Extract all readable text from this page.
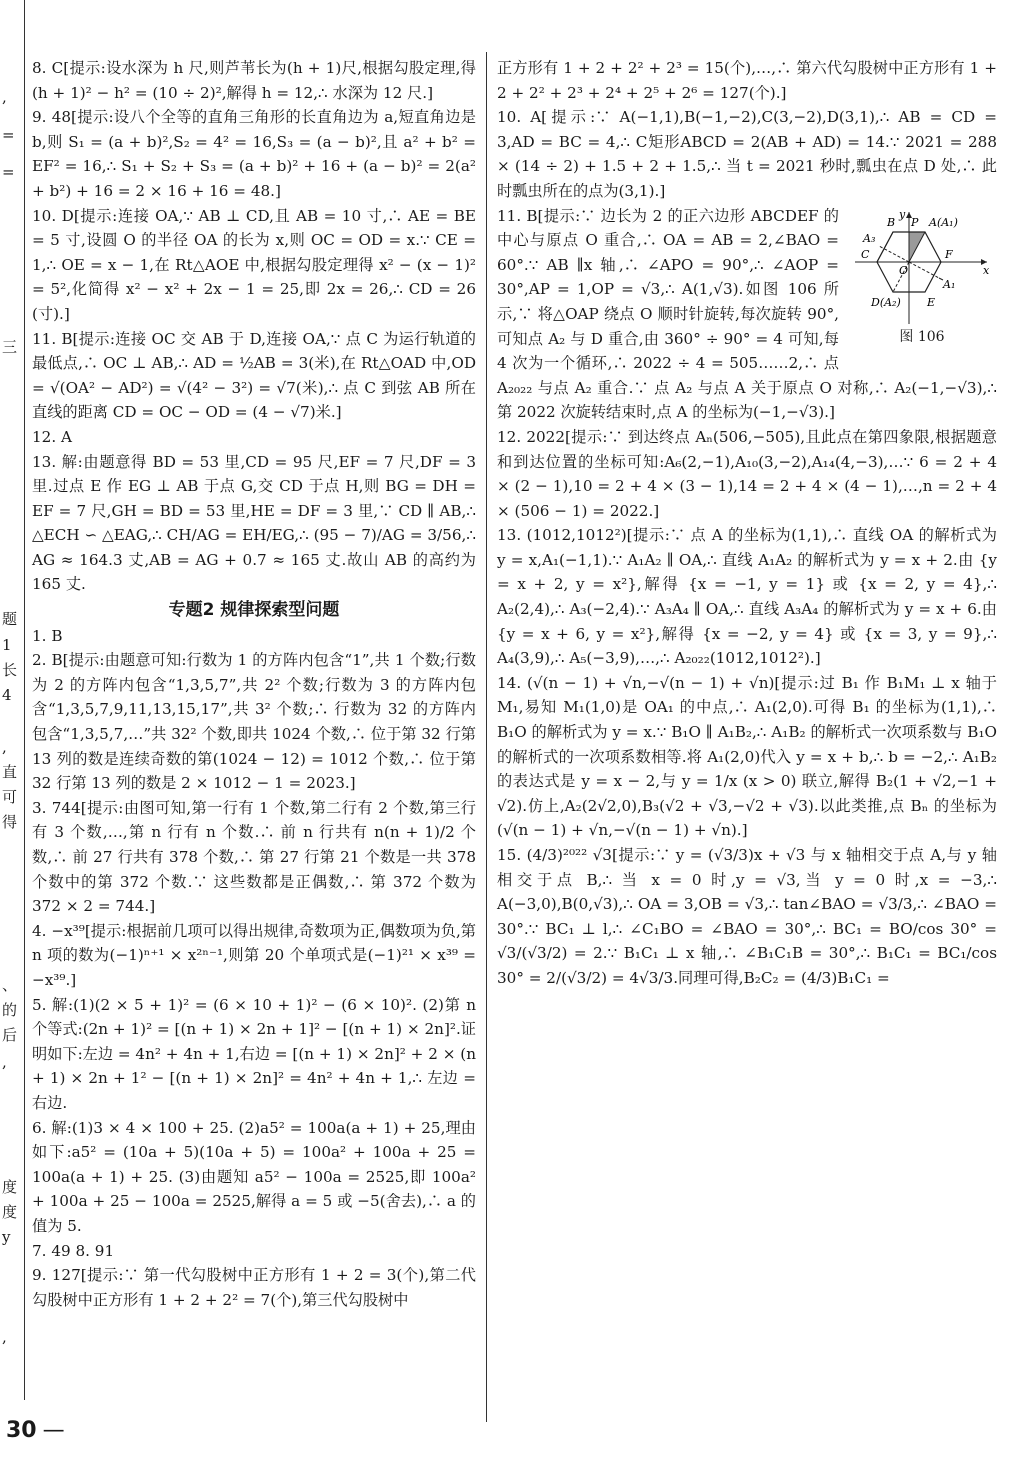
,
=
=
三
题
1
长
4
,
直
可
得
、
的
后
,
度
度
y
,

8. C[提示:设水深为 h 尺,则芦苇长为(h + 1)尺,根据勾股定理,得(h + 1)² − h² = (10 ÷ 2)²,解得 h = 12,∴ 水深为 12 尺.]

9. 48[提示:设八个全等的直角三角形的长直角边为 a,短直角边是 b,则 S₁ = (a + b)²,S₂ = 4² = 16,S₃ = (a − b)²,且 a² + b² = EF² = 16,∴ S₁ + S₂ + S₃ = (a + b)² + 16 + (a − b)² = 2(a² + b²) + 16 = 2 × 16 + 16 = 48.]

10. D[提示:连接 OA,∵ AB ⊥ CD,且 AB = 10 寸,∴ AE = BE = 5 寸,设圆 O 的半径 OA 的长为 x,则 OC = OD = x.∵ CE = 1,∴ OE = x − 1,在 Rt△AOE 中,根据勾股定理得 x² − (x − 1)² = 5²,化简得 x² − x² + 2x − 1 = 25,即 2x = 26,∴ CD = 26 (寸).]

11. B[提示:连接 OC 交 AB 于 D,连接 OA,∵ 点 C 为运行轨道的最低点,∴ OC ⊥ AB,∴ AD = ½AB = 3(米),在 Rt△OAD 中,OD = √(OA² − AD²) = √(4² − 3²) = √7(米),∴ 点 C 到弦 AB 所在直线的距离 CD = OC − OD = (4 − √7)米.]

12. A

13. 解:由题意得 BD = 53 里,CD = 95 尺,EF = 7 尺,DF = 3 里.过点 E 作 EG ⊥ AB 于点 G,交 CD 于点 H,则 BG = DH = EF = 7 尺,GH = BD = 53 里,HE = DF = 3 里,∵ CD ∥ AB,∴ △ECH ∽ △EAG,∴ CH/AG = EH/EG,∴ (95 − 7)/AG = 3/56,∴ AG ≈ 164.3 丈,AB = AG + 0.7 ≈ 165 丈.故山 AB 的高约为 165 丈.

专题2 规律探索型问题

1. B

2. B[提示:由题意可知:行数为 1 的方阵内包含“1”,共 1 个数;行数为 2 的方阵内包含“1,3,5,7”,共 2² 个数;行数为 3 的方阵内包含“1,3,5,7,9,11,13,15,17”,共 3² 个数;∴ 行数为 32 的方阵内包含“1,3,5,7,…”共 32² 个数,即共 1024 个数,∴ 位于第 32 行第 13 列的数是连续奇数的第(1024 − 12) = 1012 个数,∴ 位于第 32 行第 13 列的数是 2 × 1012 − 1 = 2023.]

3. 744[提示:由图可知,第一行有 1 个数,第二行有 2 个数,第三行有 3 个数,…,第 n 行有 n 个数.∴ 前 n 行共有 n(n + 1)/2 个数,∴ 前 27 行共有 378 个数,∴ 第 27 行第 21 个数是一共 378 个数中的第 372 个数.∵ 这些数都是正偶数,∴ 第 372 个数为 372 × 2 = 744.]

4. −x³⁹[提示:根据前几项可以得出规律,奇数项为正,偶数项为负,第 n 项的数为(−1)ⁿ⁺¹ × x²ⁿ⁻¹,则第 20 个单项式是(−1)²¹ × x³⁹ = −x³⁹.]

5. 解:(1)(2 × 5 + 1)² = (6 × 10 + 1)² − (6 × 10)². (2)第 n 个等式:(2n + 1)² = [(n + 1) × 2n + 1]² − [(n + 1) × 2n]².证明如下:左边 = 4n² + 4n + 1,右边 = [(n + 1) × 2n]² + 2 × (n + 1) × 2n + 1² − [(n + 1) × 2n]² = 4n² + 4n + 1,∴ 左边 = 右边.

6. 解:(1)3 × 4 × 100 + 25. (2)a5² = 100a(a + 1) + 25,理由如下:a5² = (10a + 5)(10a + 5) = 100a² + 100a + 25 = 100a(a + 1) + 25. (3)由题知 a5² − 100a = 2525,即 100a² + 100a + 25 − 100a = 2525,解得 a = 5 或 −5(舍去),∴ a 的值为 5.

7. 49 8. 91

9. 127[提示:∵ 第一代勾股树中正方形有 1 + 2 = 3(个),第二代勾股树中正方形有 1 + 2 + 2² = 7(个),第三代勾股树中

正方形有 1 + 2 + 2² + 2³ = 15(个),…,∴ 第六代勾股树中正方形有 1 + 2 + 2² + 2³ + 2⁴ + 2⁵ + 2⁶ = 127(个).]

10. A[提示:∵ A(−1,1),B(−1,−2),C(3,−2),D(3,1),∴ AB = CD = 3,AD = BC = 4,∴ C矩形ABCD = 2(AB + AD) = 14.∵ 2021 = 288 × (14 ÷ 2) + 1.5 + 2 + 1.5,∴ 当 t = 2021 秒时,瓢虫在点 D 处,∴ 此时瓢虫所在的点为(3,1).]

y
P A(A₁)
B
A₃
C	F
O	x
A₁
D(A₂) E
图 106

11. B[提示:∵ 边长为 2 的正六边形 ABCDEF 的中心与原点 O 重合,∴ OA = AB = 2,∠BAO = 60°.∵ AB ∥x 轴,∴ ∠APO = 90°,∴ ∠AOP = 30°,AP = 1,OP = √3,∴ A(1,√3).如图 106 所示,∵ 将△OAP 绕点 O 顺时针旋转,每次旋转 90°,可知点 A₂ 与 D 重合,由 360° ÷ 90° = 4 可知,每 4 次为一个循环,∴ 2022 ÷ 4 = 505……2,∴ 点 A₂₀₂₂ 与点 A₂ 重合.∵ 点 A₂ 与点 A 关于原点 O 对称,∴ A₂(−1,−√3),∴ 第 2022 次旋转结束时,点 A 的坐标为(−1,−√3).]

12. 2022[提示:∵ 到达终点 Aₙ(506,−505),且此点在第四象限,根据题意和到达位置的坐标可知:A₆(2,−1),A₁₀(3,−2),A₁₄(4,−3),…∵ 6 = 2 + 4 × (2 − 1),10 = 2 + 4 × (3 − 1),14 = 2 + 4 × (4 − 1),…,n = 2 + 4 × (506 − 1) = 2022.]

13. (1012,1012²)[提示:∵ 点 A 的坐标为(1,1),∴ 直线 OA 的解析式为 y = x,A₁(−1,1).∵ A₁A₂ ∥ OA,∴ 直线 A₁A₂ 的解析式为 y = x + 2.由 {y = x + 2, y = x²},解得 {x = −1, y = 1} 或 {x = 2, y = 4},∴ A₂(2,4),∴ A₃(−2,4).∵ A₃A₄ ∥ OA,∴ 直线 A₃A₄ 的解析式为 y = x + 6.由 {y = x + 6, y = x²},解得 {x = −2, y = 4} 或 {x = 3, y = 9},∴ A₄(3,9),∴ A₅(−3,9),…,∴ A₂₀₂₂(1012,1012²).]

14. (√(n − 1) + √n,−√(n − 1) + √n)[提示:过 B₁ 作 B₁M₁ ⊥ x 轴于 M₁,易知 M₁(1,0)是 OA₁ 的中点,∴ A₁(2,0).可得 B₁ 的坐标为(1,1),∴ B₁O 的解析式为 y = x.∵ B₁O ∥ A₁B₂,∴ A₁B₂ 的解析式一次项系数与 B₁O 的解析式的一次项系数相等.将 A₁(2,0)代入 y = x + b,∴ b = −2,∴ A₁B₂ 的表达式是 y = x − 2,与 y = 1/x (x > 0) 联立,解得 B₂(1 + √2,−1 + √2).仿上,A₂(2√2,0),B₃(√2 + √3,−√2 + √3).以此类推,点 Bₙ 的坐标为(√(n − 1) + √n,−√(n − 1) + √n).]

15. (4/3)²⁰²² √3[提示:∵ y = (√3/3)x + √3 与 x 轴相交于点 A,与 y 轴相交于点 B,∴ 当 x = 0 时,y = √3,当 y = 0 时,x = −3,∴ A(−3,0),B(0,√3),∴ OA = 3,OB = √3,∴ tan∠BAO = √3/3,∴ ∠BAO = 30°.∵ BC₁ ⊥ l,∴ ∠C₁BO = ∠BAO = 30°,∴ BC₁ = BO/cos 30° = √3/(√3/2) = 2.∵ B₁C₁ ⊥ x 轴,∴ ∠B₁C₁B = 30°,∴ B₁C₁ = BC₁/cos 30° = 2/(√3/2) = 4√3/3.同理可得,B₂C₂ = (4/3)B₁C₁ =

30 —
